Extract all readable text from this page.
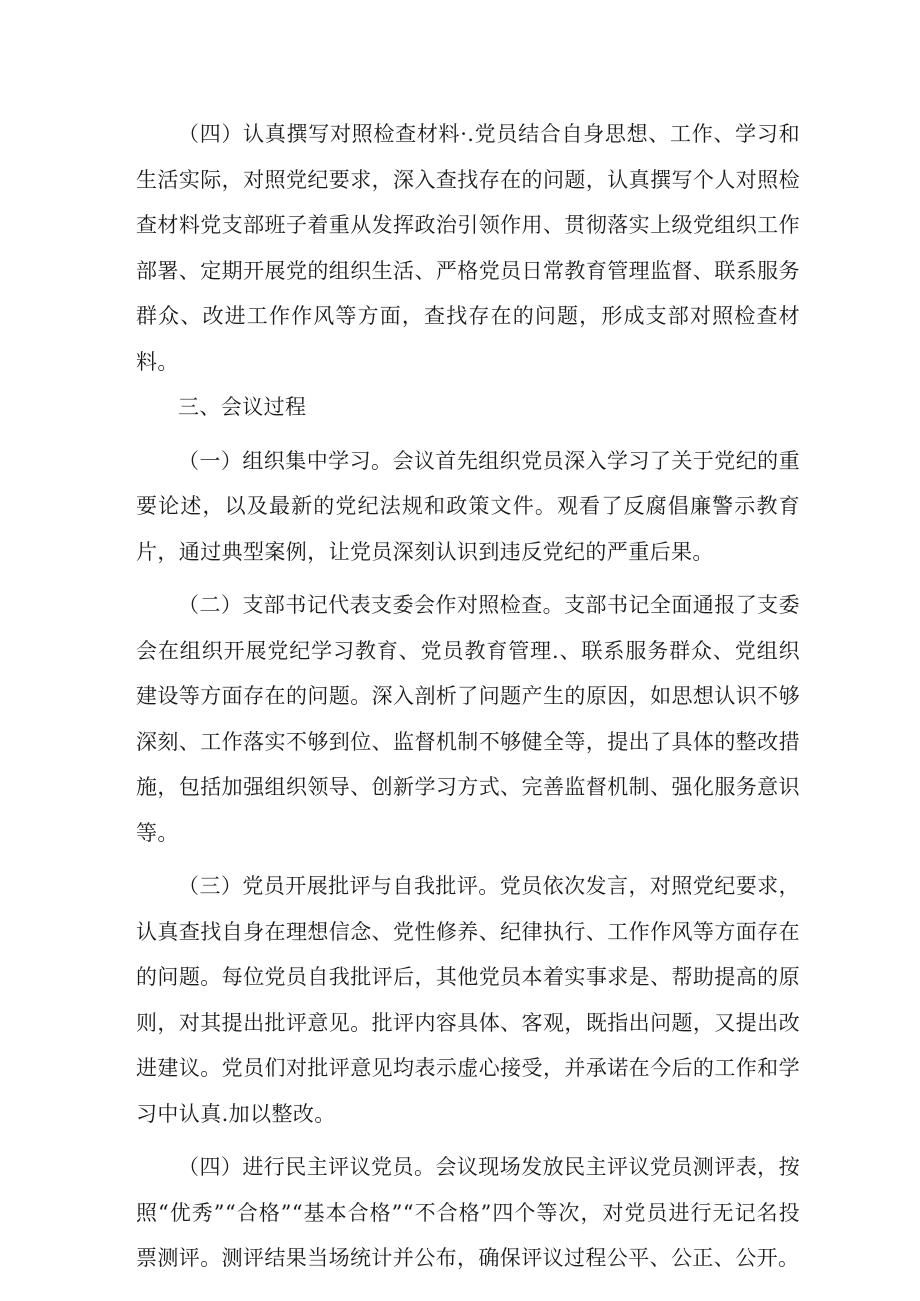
（四）认真撰写对照检查材料·.党员结合自身思想、工作、学习和生活实际，对照党纪要求，深入查找存在的问题，认真撰写个人对照检查材料党支部班子着重从发挥政治引领作用、贯彻落实上级党组织工作部署、定期开展党的组织生活、严格党员日常教育管理监督、联系服务群众、改进工作作风等方面，查找存在的问题，形成支部对照检查材料。

三、会议过程

（一）组织集中学习。会议首先组织党员深入学习了关于党纪的重要论述，以及最新的党纪法规和政策文件。观看了反腐倡廉警示教育片，通过典型案例，让党员深刻认识到违反党纪的严重后果。

（二）支部书记代表支委会作对照检查。支部书记全面通报了支委会在组织开展党纪学习教育、党员教育管理.、联系服务群众、党组织建设等方面存在的问题。深入剖析了问题产生的原因，如思想认识不够深刻、工作落实不够到位、监督机制不够健全等，提出了具体的整改措施，包括加强组织领导、创新学习方式、完善监督机制、强化服务意识等。

（三）党员开展批评与自我批评。党员依次发言，对照党纪要求，认真查找自身在理想信念、党性修养、纪律执行、工作作风等方面存在的问题。每位党员自我批评后，其他党员本着实事求是、帮助提高的原则，对其提出批评意见。批评内容具体、客观，既指出问题，又提出改进建议。党员们对批评意见均表示虚心接受，并承诺在今后的工作和学习中认真.加以整改。

（四）进行民主评议党员。会议现场发放民主评议党员测评表，按照“优秀”“合格”“基本合格”“不合格”四个等次，对党员进行无记名投票测评。测评结果当场统计并公布，确保评议过程公平、公正、公开。
